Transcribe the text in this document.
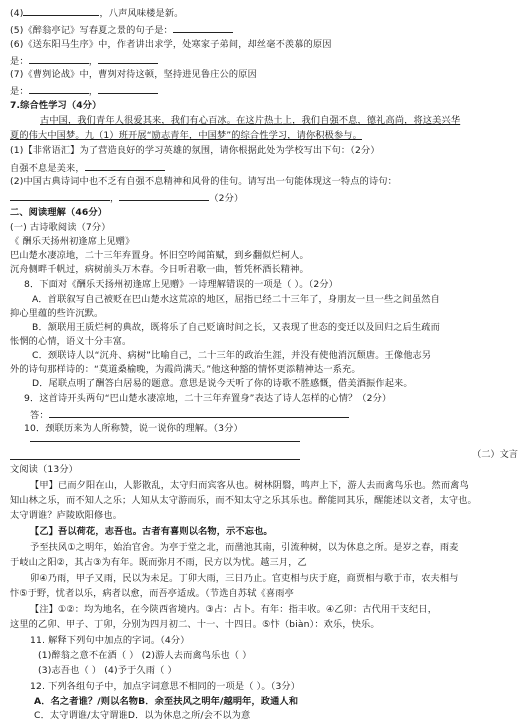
(4)	，八声风味楼是新。
(5)《醉翁亭记》写春夏之景的句子是：
(6)《送东阳马生序》中，作者讲出求学，处寒家子弟间，却丝毫不羡慕的原因
是：	，
(7)《曹刿论战》中，曹刿对待这顿，坚持进见鲁庄公的原因
是：	，
7.综合性学习（4分）
古中国，我们青年人很爱其来，我们有心百冰。在这片热土上，我们自强不息，德礼高尚，将这美兴华
夏的伟大中国梦。九（1）班开展“励志青年，中国梦”的综合性学习，请你积极参与。
(1)【非常语汇】为了营造良好的学习英雄的氛围，请你根据此处为学校写出下句：（2分）
自强不息是美来，
(2)中国古典诗词中也不乏有自强不息精神和风骨的佳句。请写出一句能体现这一特点的诗句：
，	（2分）
二、阅读理解（46分）
(一) 古诗歌阅读（7分）
《 酬乐天扬州初逢席上见赠》
巴山楚水凄凉地，二十三年弃置身。怀旧空吟闻笛赋，到乡翻似烂柯人。
沉舟侧畔千帆过，病树前头万木春。今日听君歌一曲，暂凭杯酒长精神。
8．下面对《酬乐天扬州初逢席上见赠》一诗理解错误的一项是（ ）。（2分）
A．首联叙写自己被贬在巴山楚水这荒凉的地区，屈指已经二十三年了，身朋友一旦一些之间虽然自
抑心里蕴的些许沉默。
B．颔联用王质烂柯的典故，既将乐了自己贬谪时间之长，又表现了世态的变迁以及回归之后生疏而
怅惘的心情，语义十分丰富。
C．颈联诗人以“沉舟、病树”比喻自己，二十三年的政治生涯，并没有使他消沉颓唐。王像他志另
外的诗句那样诗的：“莫道桑榆晚，为霞尚满天。”他这种豁的情怀更添精神达一系充。
D．尾联点明了酬答白居易的题意。意思是说今天听了你的诗歌不胜感慨，借美酒振作起来。
9．这首诗开头两句“巴山楚水凄凉地，二十三年弃置身”表达了诗人怎样的心情？（2分）
答：
10．颈联历来为人所称赞，说一说你的理解。（3分）
文阅读（13分）
【甲】已而夕阳在山，人影散乱，太守归而宾客从也。树林阴翳，鸣声上下，游人去而禽鸟乐也。然而禽鸟
知山林之乐，而不知人之乐；人知从太守游而乐，而不知太守之乐其乐也。醉能同其乐，醒能述以文者，太守也。
太守谓谁？庐陵欧阳修也。
【乙】吾以荷花，志吾也。古者有喜则以名物，示不忘也。
予至扶风①之明年，始治官舍。为亭于堂之北，而凿池其南，引流种树，以为休息之所。是岁之春，雨麦
于岐山之阳②，其占③为有年。既而弥月不雨，民方以为忧。越三月，乙
卯④乃雨，甲子又雨，民以为未足。丁卯大雨，三日乃止。官吏相与庆于庭，商贾相与歌于市，农夫相与
忭⑤于野，忧者以乐，病者以愈，而吾亭适成。（节选自苏轼《喜雨亭
【注】①②：均为地名，在今陕西省境内。③占：占卜。有年：指丰收。④乙卯：古代用干支纪日，
这里的乙卯、甲子、丁卯，分别为四月初二、十一、十四日。⑤忭（biàn）：欢乐，快乐。
11. 解释下列句中加点的字词。（4分）
(1)醉翁之意不在酒（ ） (2)游人去而禽鸟乐也（ ）
(3)志吾也（ ） (4)予于久雨（ ）
12. 下列各组句子中，加点字词意思不相同的一项是（ ）。（3分）
A．名之者谁？/则以名物B．余至扶风之明年/越明年，政通人和
C．太守谓谁/太守谓谁D．以为休息之所/会不以为意
（二）文言
